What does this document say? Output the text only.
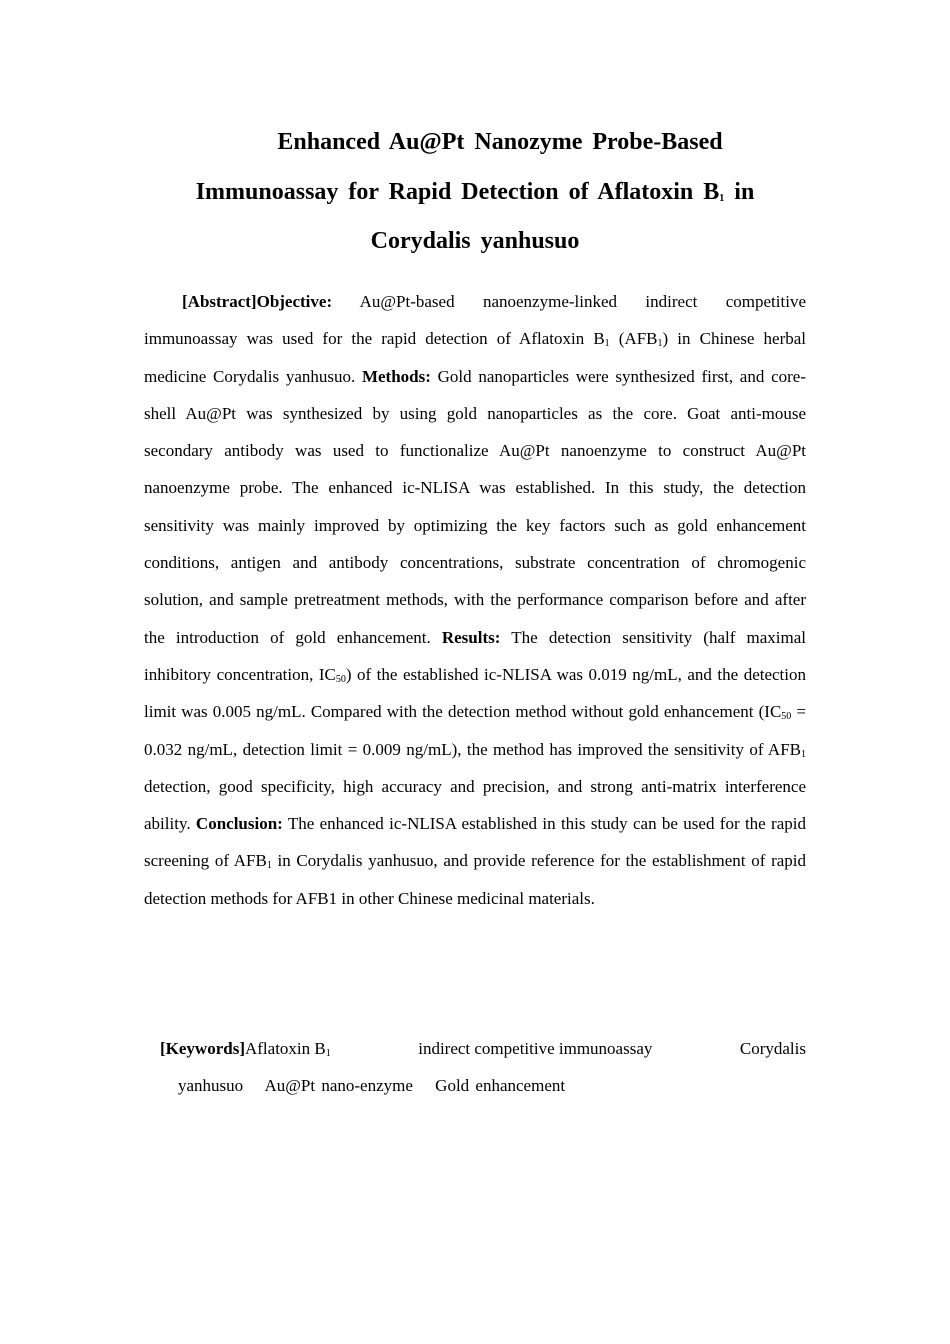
Enhanced Au@Pt Nanozyme Probe-Based
Immunoassay for Rapid Detection of Aflatoxin $B_1$ in
Corydalis yanhusuo

[Abstract]Objective: Au@Pt-based nanoenzyme-linked indirect competitive immunoassay was used for the rapid detection of Aflatoxin $B_1$ $(AFB_1)$ in Chinese herbal medicine Corydalis yanhusuo. Methods: Gold nanoparticles were synthesized first, and core-shell Au@Pt was synthesized by using gold nanoparticles as the core. Goat anti-mouse secondary antibody was used to functionalize Au@Pt nanoenzyme to construct Au@Pt nanoenzyme probe. The enhanced ic-NLISA was established. In this study, the detection sensitivity was mainly improved by optimizing the key factors such as gold enhancement conditions, antigen and antibody concentrations, substrate concentration of chromogenic solution, and sample pretreatment methods, with the performance comparison before and after the introduction of gold enhancement. Results: The detection sensitivity (half maximal inhibitory concentration, $IC_{50}$) of the established ic-NLISA was 0.019 ng/mL, and the detection limit was 0.005 ng/mL. Compared with the detection method without gold enhancement ($IC_{50} = 0.032$ ng/mL, detection limit = 0.009 ng/mL), the method has improved the sensitivity of $AFB_1$ detection, good specificity, high accuracy and precision, and strong anti-matrix interference ability. Conclusion: The enhanced ic-NLISA established in this study can be used for the rapid screening of $AFB_1$ in Corydalis yanhusuo, and provide reference for the establishment of rapid detection methods for AFB1 in other Chinese medicinal materials.

[Keywords]Aflatoxin $B_1$	indirect competitive immunoassay	Corydalis
yanhusuo Au@Pt nano-enzyme Gold enhancement
